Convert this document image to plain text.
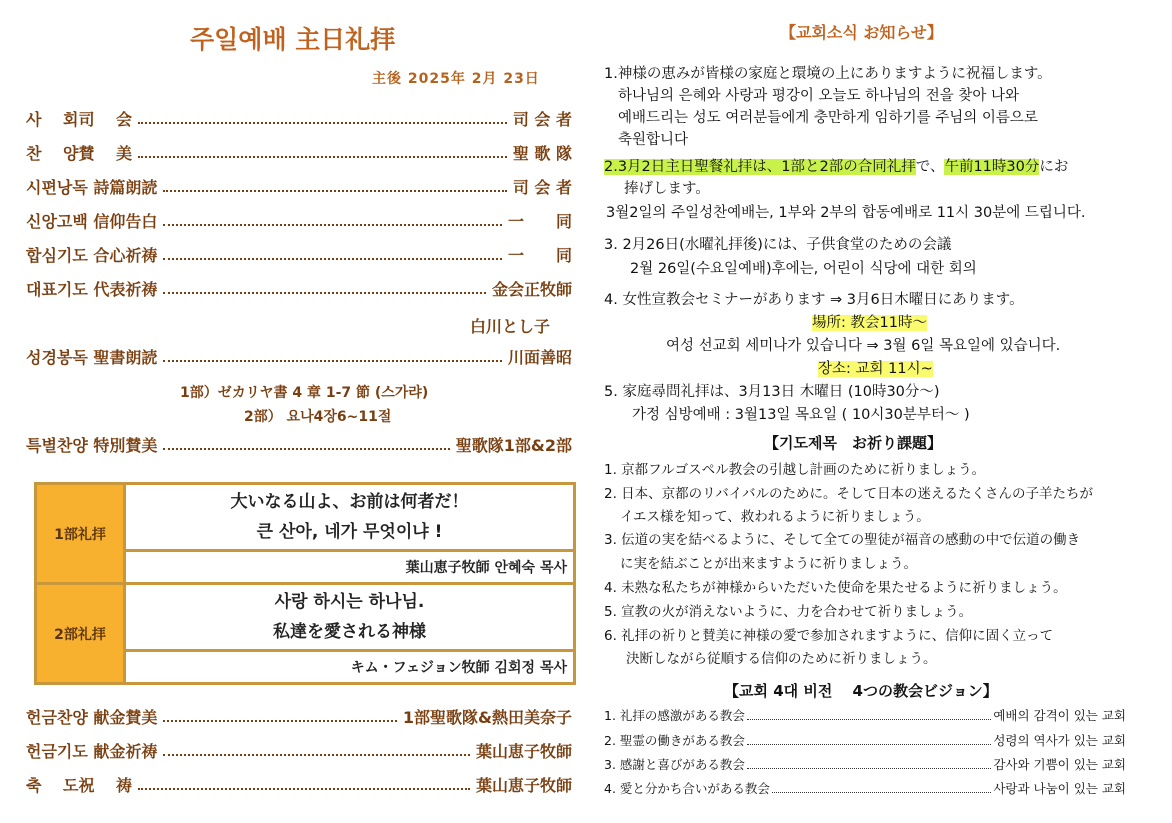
주일예배 主日礼拝
主後 2025年 2月 23日
사　 회司　 会	司 会 者
찬　 양賛　 美	聖 歌 隊
시편낭독 詩篇朗読	司 会 者
신앙고백 信仰告白	一　　同
합심기도 合心祈祷	一　　同
대표기도 代表祈祷	金会正牧師
白川とし子
성경봉독 聖書朗読	川面善昭
1部）ゼカリヤ書 4 章 1-7 節 (스가랴)
2部） 요나4장6~11절
특별찬양 特別賛美	聖歌隊1部&2部
1部礼拝	大いなる山よ、お前は何者だ！
큰 산아, 네가 무엇이냐 !

	葉山恵子牧師 안혜숙 목사
2部礼拝	사랑 하시는 하나님.
私達を愛される神様

	キム・フェジョン牧師 김회정 목사
헌금찬양 献金賛美	1部聖歌隊&熱田美奈子
헌금기도 献金祈祷	葉山恵子牧師
축　 도祝　 祷	葉山恵子牧師
【교회소식 お知らせ】
1.神様の恵みが皆様の家庭と環境の上にありますように祝福します。
하나님의 은혜와 사랑과 평강이 오늘도 하나님의 전을 찾아 나와
예배드리는 성도 여러분들에게 충만하게 임하기를 주님의 이름으로
축원합니다
2.3月2日主日聖餐礼拝は、1部と2部の合同礼拝で、午前11時30分にお
捧げします。
3월2일의 주일성찬예배는, 1부와 2부의 합동예배로 11시 30분에 드립니다.
3. 2月26日(水曜礼拝後)には、子供食堂のための会議
2월 26일(수요일예배)후에는, 어린이 식당에 대한 회의
4. 女性宣教会セミナーがあります ⇒ 3月6日木曜日にあります。
場所: 教会11時～
여성 선교회 세미나가 있습니다 ⇒ 3월 6일 목요일에 있습니다.
장소: 교회 11시~
5. 家庭尋問礼拝は、3月13日 木曜日 (10時30分～)
가정 심방예배 : 3월13일 목요일 ( 10시30분부터～ )
【기도제목　お祈り課題】
1. 京都フルゴスペル教会の引越し計画のために祈りましょう。
2. 日本、京都のリバイバルのために。そして日本の迷えるたくさんの子羊たちが
イエス様を知って、救われるように祈りましょう。
3. 伝道の実を結べるように、そして全ての聖徒が福音の感動の中で伝道の働き
に実を結ぶことが出来ますように祈りましょう。
4. 未熟な私たちが神様からいただいた使命を果たせるように祈りましょう。
5. 宣教の火が消えないように、力を合わせて祈りましょう。
6. 礼拝の祈りと賛美に神様の愛で参加されますように、信仰に固く立って
決断しながら従順する信仰のために祈りましょう。
【교회 4대 비전　 4つの教会ビジョン】
1. 礼拝の感激がある教会	예배의 감격이 있는 교회
2. 聖霊の働きがある教会	성령의 역사가 있는 교회
3. 感謝と喜びがある教会	감사와 기쁨이 있는 교회
4. 愛と分かち合いがある教会	사랑과 나눔이 있는 교회
